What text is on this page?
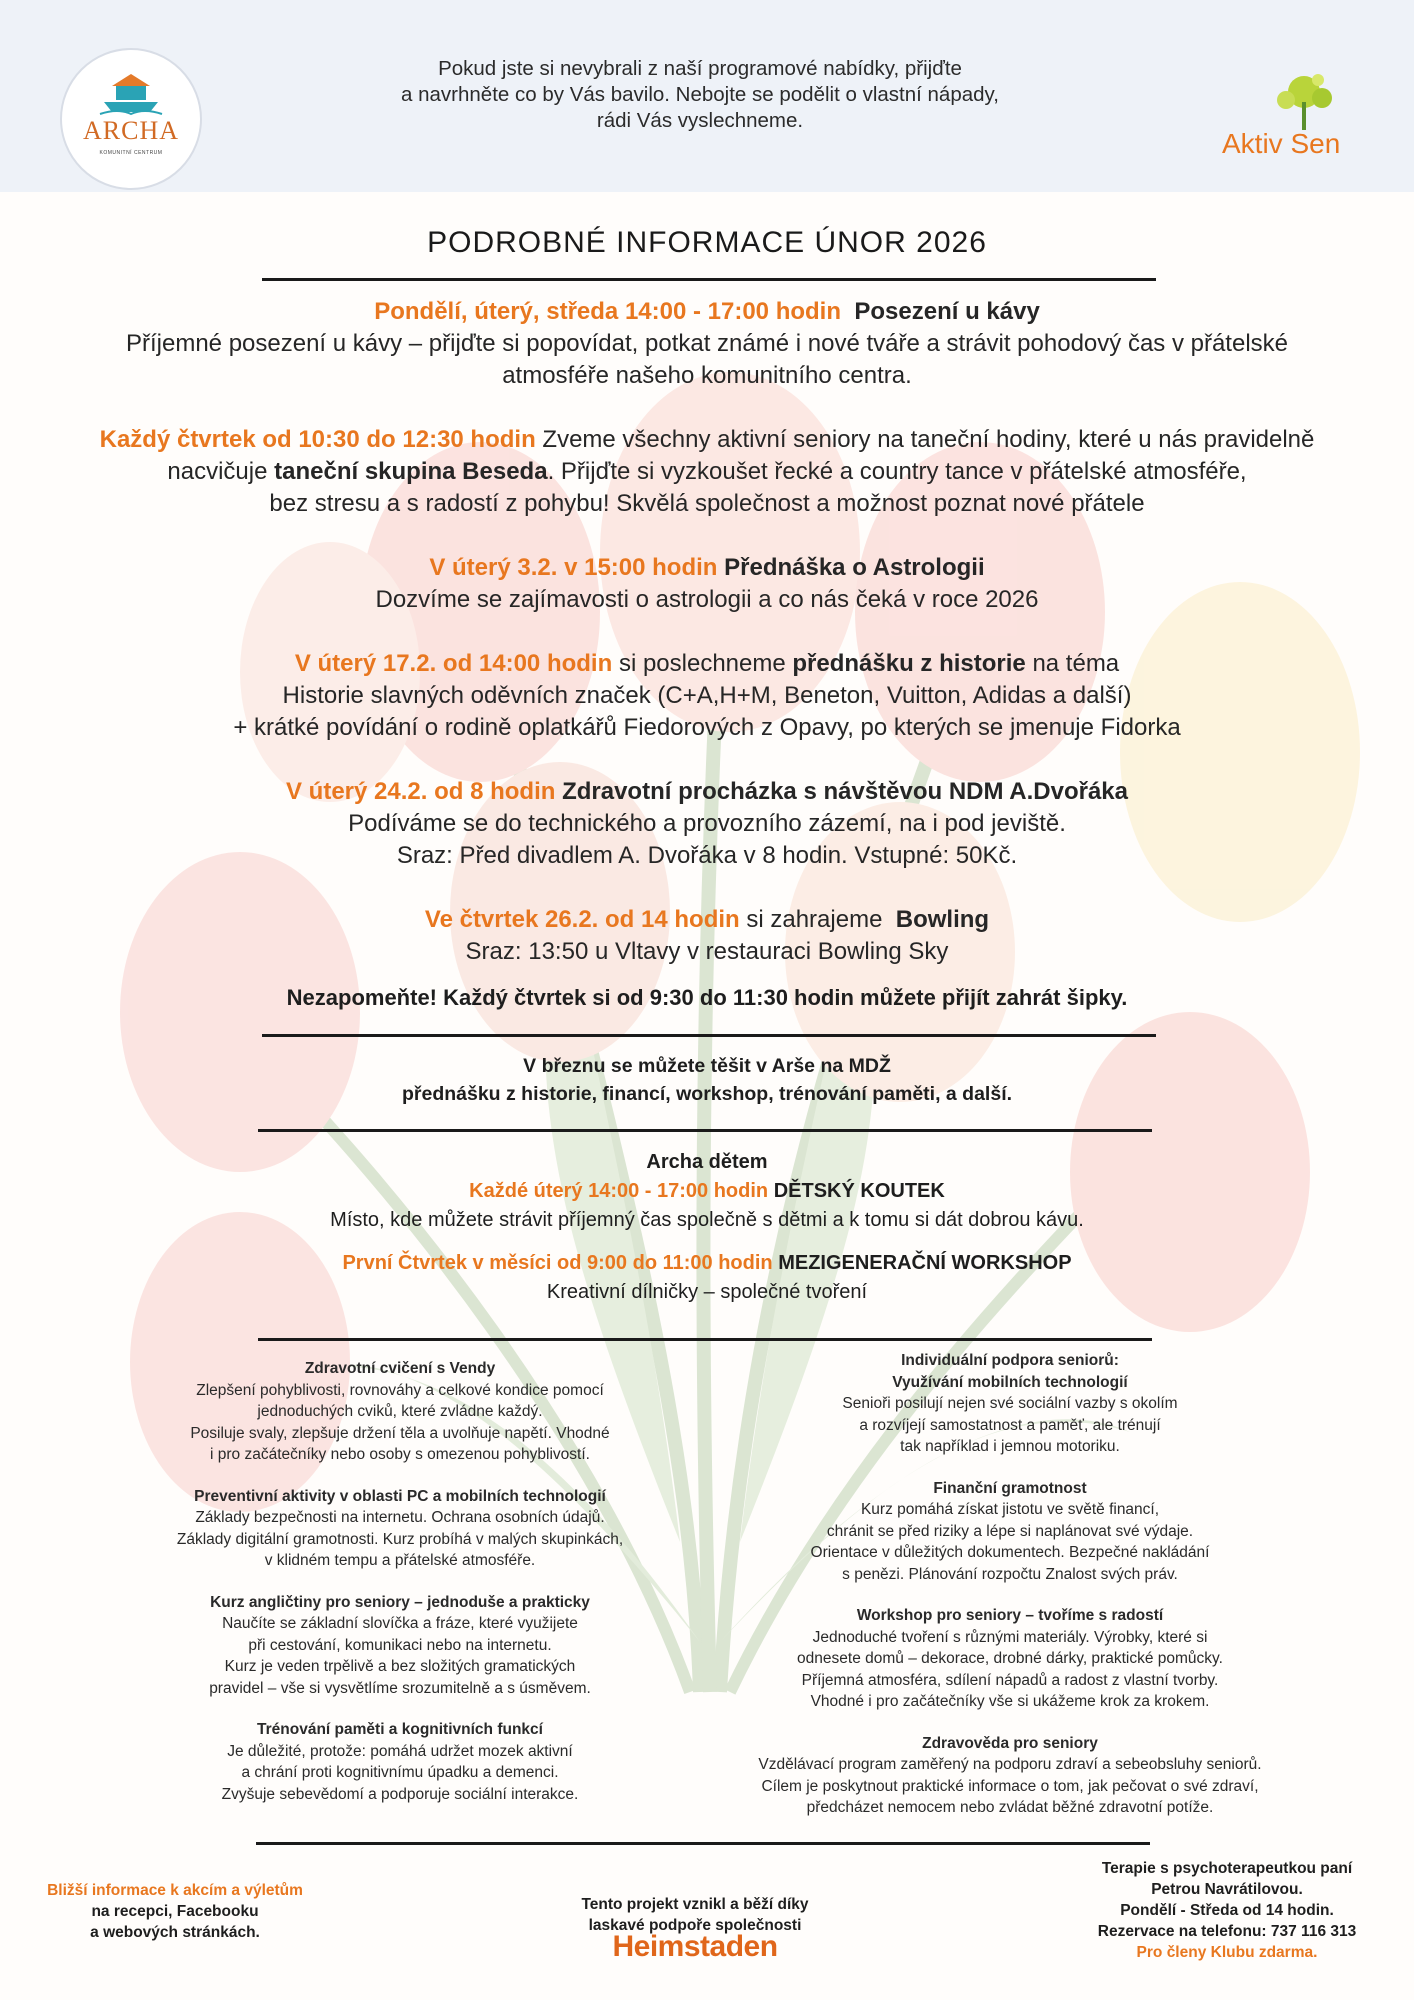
ARCHA
KOMUNITNÍ CENTRUM
Pokud jste si nevybrali z naší programové nabídky, přijďte
a navrhněte co by Vás bavilo. Nebojte se podělit o vlastní nápady,
rádi Vás vyslechneme.
Aktiv Sen
PODROBNÉ INFORMACE ÚNOR 2026
Pondělí, úterý, středa 14:00 - 17:00 hodin Posezení u kávy
Příjemné posezení u kávy – přijďte si popovídat, potkat známé i nové tváře a strávit pohodový čas v přátelské
atmosféře našeho komunitního centra.
Každý čtvrtek od 10:30 do 12:30 hodin Zveme všechny aktivní seniory na taneční hodiny, které u nás pravidelně
nacvičuje taneční skupina Beseda. Přijďte si vyzkoušet řecké a country tance v přátelské atmosféře,
bez stresu a s radostí z pohybu! Skvělá společnost a možnost poznat nové přátele
V úterý 3.2. v 15:00 hodin Přednáška o Astrologii
Dozvíme se zajímavosti o astrologii a co nás čeká v roce 2026
V úterý 17.2. od 14:00 hodin si poslechneme přednášku z historie na téma
Historie slavných oděvních značek (C+A,H+M, Beneton, Vuitton, Adidas a další)
+ krátké povídání o rodině oplatkářů Fiedorových z Opavy, po kterých se jmenuje Fidorka
V úterý 24.2. od 8 hodin Zdravotní procházka s návštěvou NDM A.Dvořáka
Podíváme se do technického a provozního zázemí, na i pod jeviště.
Sraz: Před divadlem A. Dvořáka v 8 hodin. Vstupné: 50Kč.
Ve čtvrtek 26.2. od 14 hodin si zahrajeme Bowling
Sraz: 13:50 u Vltavy v restauraci Bowling Sky
Nezapomeňte! Každý čtvrtek si od 9:30 do 11:30 hodin můžete přijít zahrát šipky.
V březnu se můžete těšit v Arše na MDŽ
přednášku z historie, financí, workshop, trénování paměti, a další.
Archa dětem
Každé úterý 14:00 - 17:00 hodin DĚTSKÝ KOUTEK
Místo, kde můžete strávit příjemný čas společně s dětmi a k tomu si dát dobrou kávu.
První Čtvrtek v měsíci od 9:00 do 11:00 hodin MEZIGENERAČNÍ WORKSHOP
Kreativní dílničky – společné tvoření
Zdravotní cvičení s Vendy
Zlepšení pohyblivosti, rovnováhy a celkové kondice pomocí
jednoduchých cviků, které zvládne každý.
Posiluje svaly, zlepšuje držení těla a uvolňuje napětí. Vhodné
i pro začátečníky nebo osoby s omezenou pohyblivostí.
Preventivní aktivity v oblasti PC a mobilních technologií
Základy bezpečnosti na internetu. Ochrana osobních údajů.
Základy digitální gramotnosti. Kurz probíhá v malých skupinkách,
v klidném tempu a přátelské atmosféře.
Kurz angličtiny pro seniory – jednoduše a prakticky
Naučíte se základní slovíčka a fráze, které využijete
při cestování, komunikaci nebo na internetu.
Kurz je veden trpělivě a bez složitých gramatických
pravidel – vše si vysvětlíme srozumitelně a s úsměvem.
Trénování paměti a kognitivních funkcí
Je důležité, protože: pomáhá udržet mozek aktivní
a chrání proti kognitivnímu úpadku a demenci.
Zvyšuje sebevědomí a podporuje sociální interakce.
Individuální podpora seniorů:
Využívání mobilních technologií
Senioři posilují nejen své sociální vazby s okolím
a rozvíjejí samostatnost a paměť, ale trénují
tak například i jemnou motoriku.
Finanční gramotnost
Kurz pomáhá získat jistotu ve světě financí,
chránit se před riziky a lépe si naplánovat své výdaje.
Orientace v důležitých dokumentech. Bezpečné nakládání
s penězi. Plánování rozpočtu Znalost svých práv.
Workshop pro seniory – tvoříme s radostí
Jednoduché tvoření s různými materiály. Výrobky, které si
odnesete domů – dekorace, drobné dárky, praktické pomůcky.
Příjemná atmosféra, sdílení nápadů a radost z vlastní tvorby.
Vhodné i pro začátečníky vše si ukážeme krok za krokem.
Zdravověda pro seniory
Vzdělávací program zaměřený na podporu zdraví a sebeobsluhy seniorů.
Cílem je poskytnout praktické informace o tom, jak pečovat o své zdraví,
předcházet nemocem nebo zvládat běžné zdravotní potíže.
Bližší informace k akcím a výletům
na recepci, Facebooku
a webových stránkách.
Tento projekt vznikl a běží díky
laskavé podpoře společnosti
Heimstaden
Terapie s psychoterapeutkou paní
Petrou Navrátilovou.
Pondělí - Středa od 14 hodin.
Rezervace na telefonu: 737 116 313
Pro členy Klubu zdarma.
